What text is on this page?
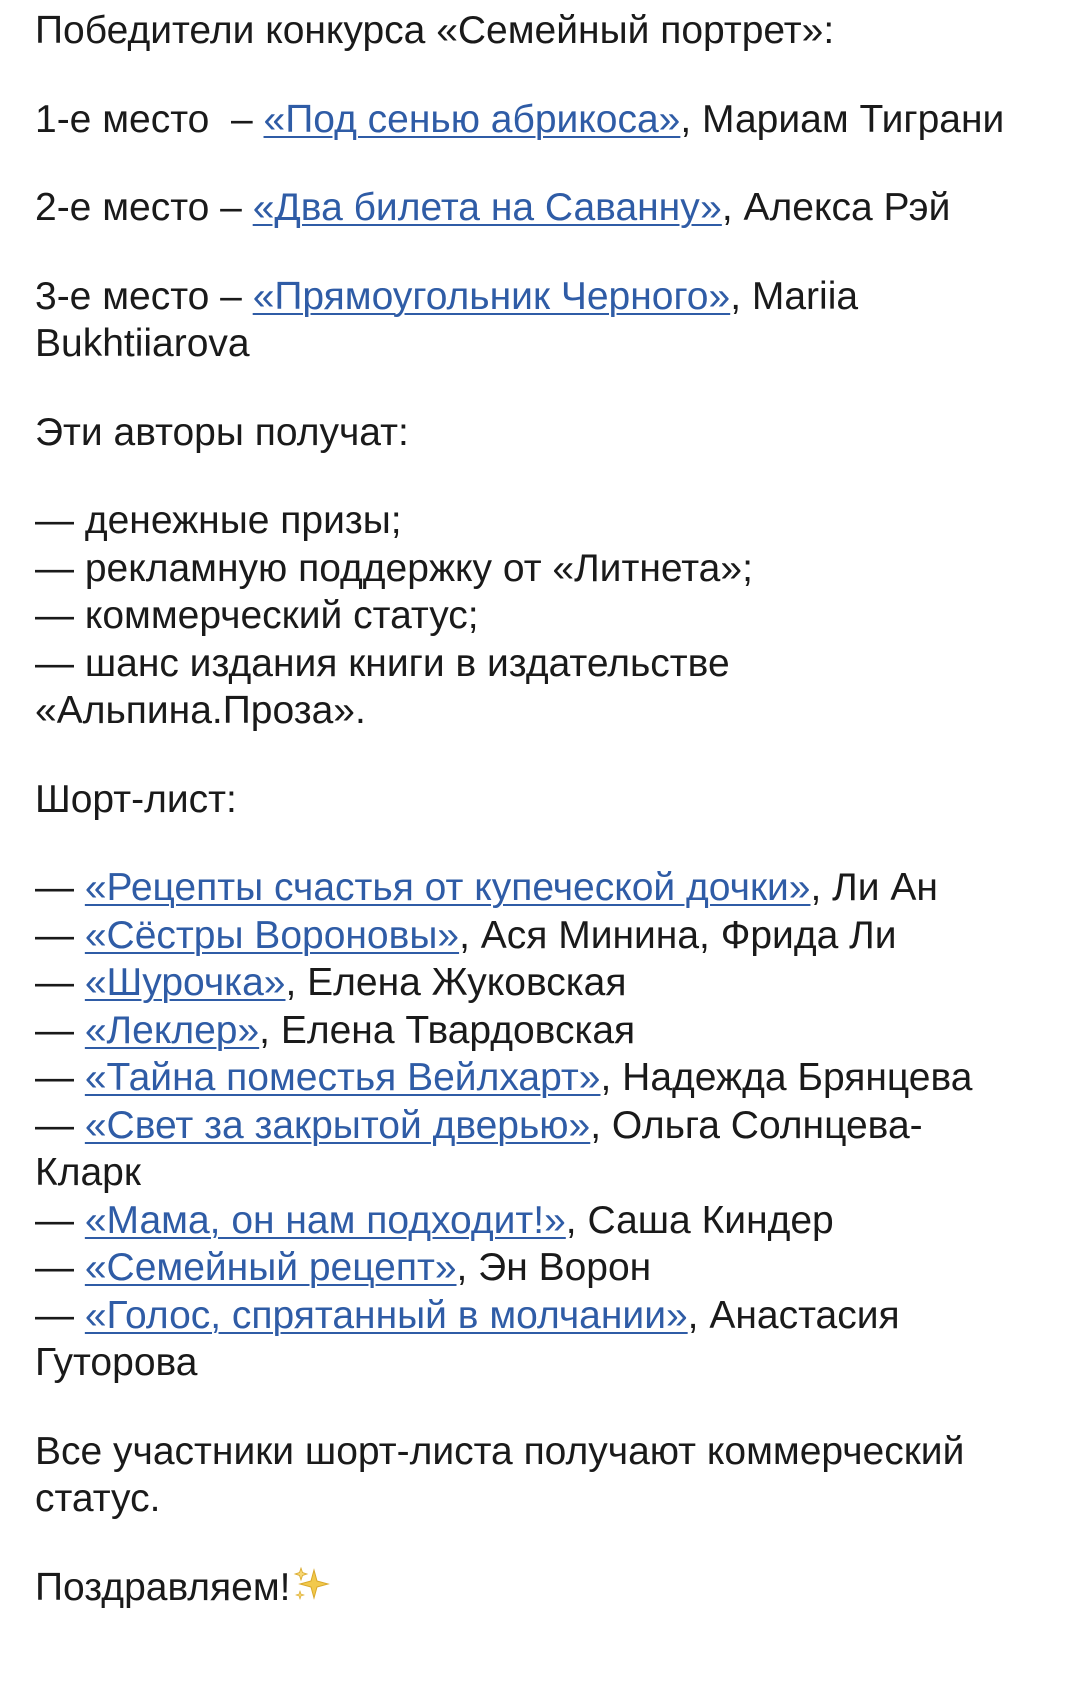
Победители конкурса «Семейный портрет»:
1-е место  – «Под сенью абрикоса», Мариам Тиграни
2-е место – «Два билета на Саванну», Алекса Рэй
3-е место – «Прямоугольник Черного», Mariia Bukhtiiarova
Эти авторы получат:
— денежные призы;
— рекламную поддержку от «Литнета»;
— коммерческий статус;
— шанс издания книги в издательстве «Альпина.Проза».
Шорт-лист:
— «Рецепты счастья от купеческой дочки», Ли Ан
— «Сёстры Вороновы», Ася Минина, Фрида Ли
— «Шурочка», Елена Жуковская
— «Леклер», Елена Твардовская
— «Тайна поместья Вейлхарт», Надежда Брянцева
— «Свет за закрытой дверью», Ольга Солнцева-Кларк
— «Мама, он нам подходит!», Саша Киндер
— «Семейный рецепт», Эн Ворон
— «Голос, спрятанный в молчании», Анастасия Гуторова
Все участники шорт-листа получают коммерческий статус.
Поздравляем!
